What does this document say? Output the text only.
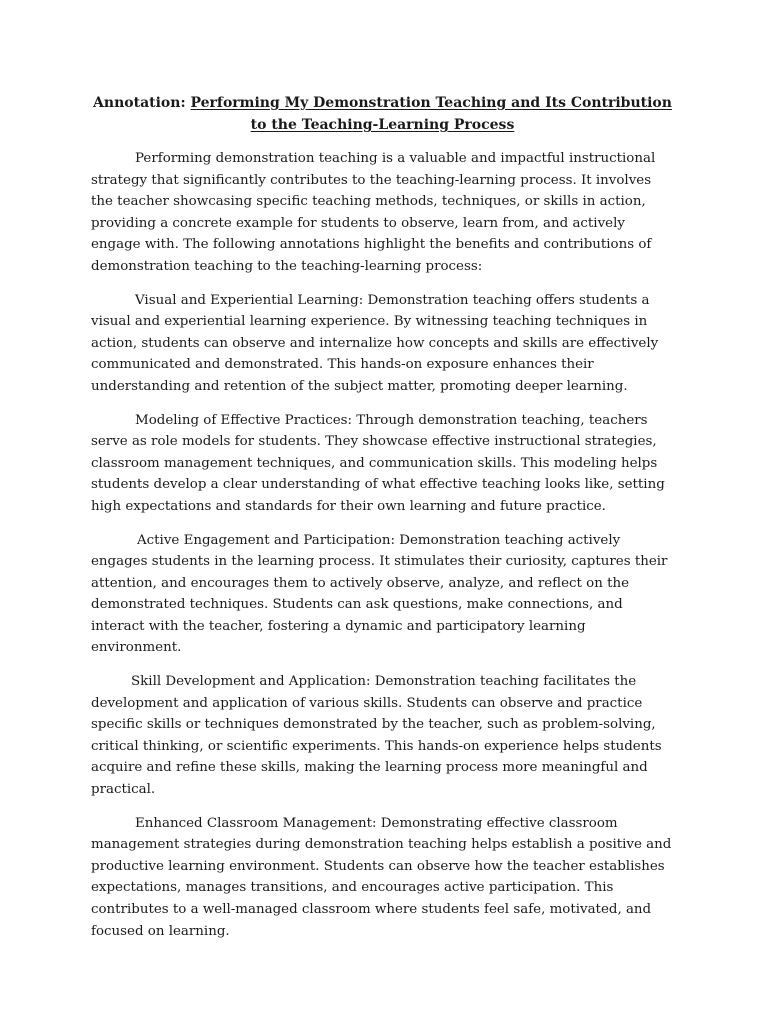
Annotation: Performing My Demonstration Teaching and Its Contribution to the Teaching-Learning Process

Performing demonstration teaching is a valuable and impactful instructional strategy that significantly contributes to the teaching-learning process. It involves the teacher showcasing specific teaching methods, techniques, or skills in action, providing a concrete example for students to observe, learn from, and actively engage with. The following annotations highlight the benefits and contributions of demonstration teaching to the teaching-learning process:

Visual and Experiential Learning: Demonstration teaching offers students a visual and experiential learning experience. By witnessing teaching techniques in action, students can observe and internalize how concepts and skills are effectively communicated and demonstrated. This hands-on exposure enhances their understanding and retention of the subject matter, promoting deeper learning.

Modeling of Effective Practices: Through demonstration teaching, teachers serve as role models for students. They showcase effective instructional strategies, classroom management techniques, and communication skills. This modeling helps students develop a clear understanding of what effective teaching looks like, setting high expectations and standards for their own learning and future practice.

Active Engagement and Participation: Demonstration teaching actively engages students in the learning process. It stimulates their curiosity, captures their attention, and encourages them to actively observe, analyze, and reflect on the demonstrated techniques. Students can ask questions, make connections, and interact with the teacher, fostering a dynamic and participatory learning environment.

Skill Development and Application: Demonstration teaching facilitates the development and application of various skills. Students can observe and practice specific skills or techniques demonstrated by the teacher, such as problem-solving, critical thinking, or scientific experiments. This hands-on experience helps students acquire and refine these skills, making the learning process more meaningful and practical.

Enhanced Classroom Management: Demonstrating effective classroom management strategies during demonstration teaching helps establish a positive and productive learning environment. Students can observe how the teacher establishes expectations, manages transitions, and encourages active participation. This contributes to a well-managed classroom where students feel safe, motivated, and focused on learning.
